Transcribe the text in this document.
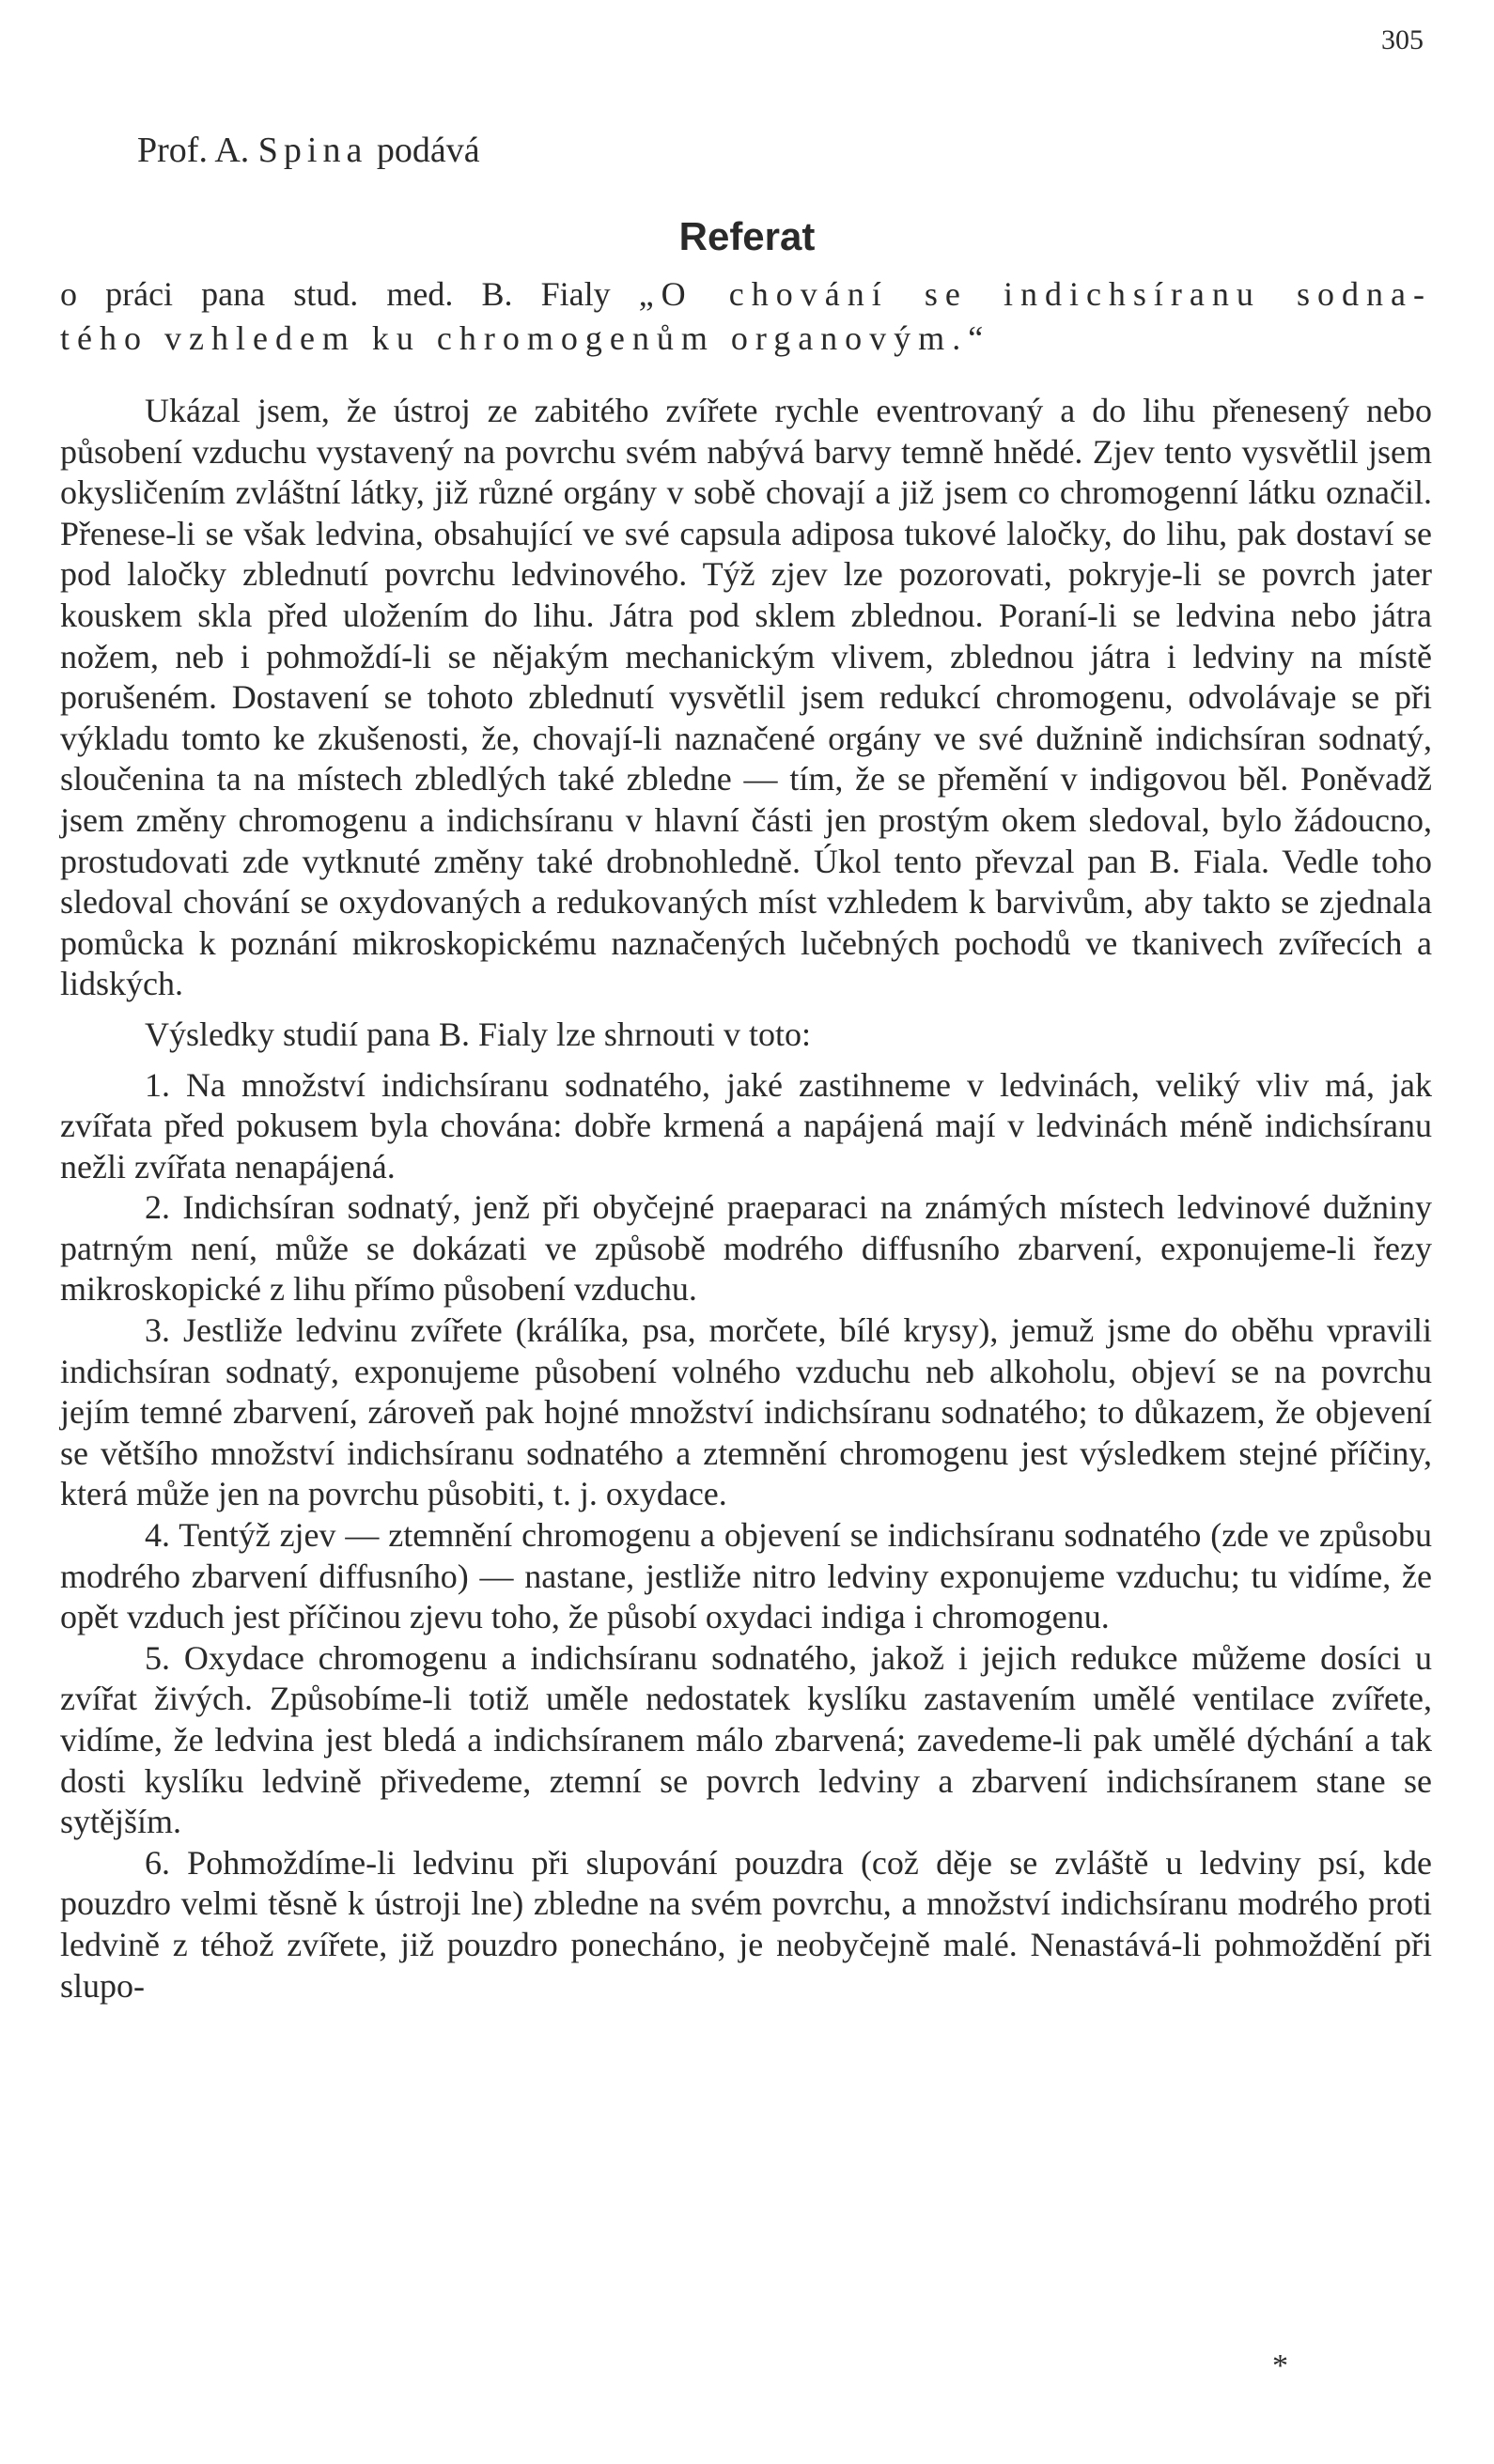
305
Prof. A. Spina podává
Referat
o práci pana stud. med. B. Fialy „O chování se indichsíranu sodna-
tého vzhledem ku chromogenům organovým.“

Ukázal jsem, že ústroj ze zabitého zvířete rychle eventrovaný a do lihu přenesený nebo působení vzduchu vystavený na povrchu svém nabývá barvy temně hnědé. Zjev tento vysvětlil jsem okysličením zvláštní látky, již různé orgány v sobě chovají a již jsem co chromogenní látku označil. Přenese-li se však ledvina, obsahující ve své capsula adiposa tukové laločky, do lihu, pak dostaví se pod laločky zblednutí povrchu ledvinového. Týž zjev lze pozorovati, pokryje-li se povrch jater kouskem skla před uložením do lihu. Játra pod sklem zblednou. Poraní-li se ledvina nebo játra nožem, neb i pohmoždí-li se nějakým mechanickým vlivem, zblednou játra i ledviny na místě porušeném. Dostavení se tohoto zblednutí vysvětlil jsem redukcí chromogenu, odvolávaje se při výkladu tomto ke zkušenosti, že, chovají-li naznačené orgány ve své dužnině indichsíran sodnatý, sloučenina ta na místech zbledlých také zbledne — tím, že se přemění v indigovou běl. Poněvadž jsem změny chromogenu a indichsíranu v hlavní části jen prostým okem sledoval, bylo žádoucno, prostudovati zde vytknuté změny také drobnohledně. Úkol tento převzal pan B. Fiala. Vedle toho sledoval chování se oxydovaných a redukovaných míst vzhledem k barvivům, aby takto se zjednala pomůcka k poznání mikroskopickému naznačených lučebných pochodů ve tkanivech zvířecích a lidských.

Výsledky studií pana B. Fialy lze shrnouti v toto:

1. Na množství indichsíranu sodnatého, jaké zastihneme v ledvinách, veliký vliv má, jak zvířata před pokusem byla chována: dobře krmená a napájená mají v ledvinách méně indichsíranu nežli zvířata nenapájená.

2. Indichsíran sodnatý, jenž při obyčejné praeparaci na známých místech ledvinové dužniny patrným není, může se dokázati ve způsobě modrého diffusního zbarvení, exponujeme-li řezy mikroskopické z lihu přímo působení vzduchu.

3. Jestliže ledvinu zvířete (králíka, psa, morčete, bílé krysy), jemuž jsme do oběhu vpravili indichsíran sodnatý, exponujeme působení volného vzduchu neb alkoholu, objeví se na povrchu jejím temné zbarvení, zároveň pak hojné množství indichsíranu sodnatého; to důkazem, že objevení se většího množství indichsíranu sodnatého a ztemnění chromogenu jest výsledkem stejné příčiny, která může jen na povrchu působiti, t. j. oxydace.

4. Tentýž zjev — ztemnění chromogenu a objevení se indichsíranu sodnatého (zde ve způsobu modrého zbarvení diffusního) — nastane, jestliže nitro ledviny exponujeme vzduchu; tu vidíme, že opět vzduch jest příčinou zjevu toho, že působí oxydaci indiga i chromogenu.

5. Oxydace chromogenu a indichsíranu sodnatého, jakož i jejich redukce můžeme dosíci u zvířat živých. Způsobíme-li totiž uměle nedostatek kyslíku zastavením umělé ventilace zvířete, vidíme, že ledvina jest bledá a indichsíranem málo zbarvená; zavedeme-li pak umělé dýchání a tak dosti kyslíku ledvině přivedeme, ztemní se povrch ledviny a zbarvení indichsíranem stane se sytějším.

6. Pohmoždíme-li ledvinu při slupování pouzdra (což děje se zvláště u ledviny psí, kde pouzdro velmi těsně k ústroji lne) zbledne na svém povrchu, a množství indichsíranu modrého proti ledvině z téhož zvířete, již pouzdro ponecháno, je neobyčejně malé. Nenastává-li pohmoždění při slupo-

*
